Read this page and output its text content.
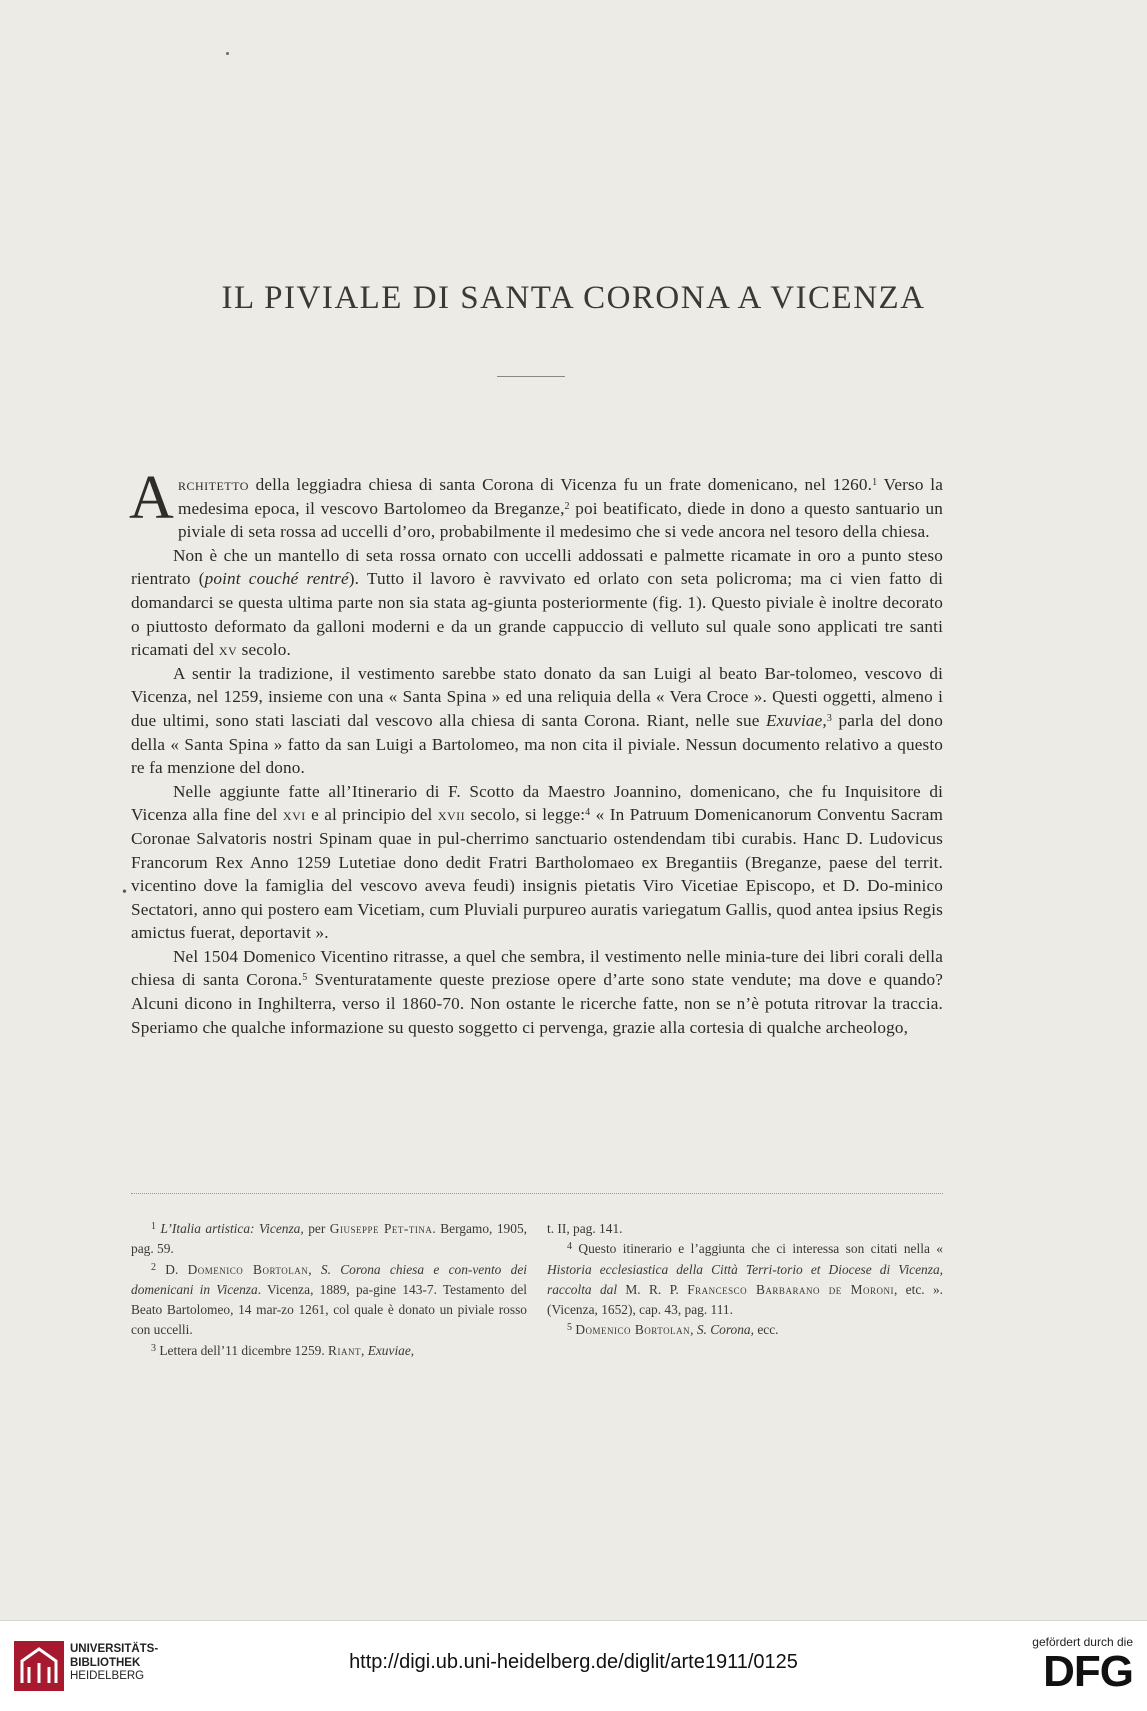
IL PIVIALE DI SANTA CORONA A VICENZA

Architetto della leggiadra chiesa di santa Corona di Vicenza fu un frate domenicano, nel 1260.$^1$ Verso la medesima epoca, il vescovo Bartolomeo da Breganze,$^2$ poi beatificato, diede in dono a questo santuario un piviale di seta rossa ad uccelli d’oro, probabilmente il medesimo che si vede ancora nel tesoro della chiesa.

Non è che un mantello di seta rossa ornato con uccelli addossati e palmette ricamate in oro a punto steso rientrato (point couché rentré). Tutto il lavoro è ravvivato ed orlato con seta policroma; ma ci vien fatto di domandarci se questa ultima parte non sia stata ag-giunta posteriormente (fig. 1). Questo piviale è inoltre decorato o piuttosto deformato da galloni moderni e da un grande cappuccio di velluto sul quale sono applicati tre santi ricamati del xv secolo.

A sentir la tradizione, il vestimento sarebbe stato donato da san Luigi al beato Bar-tolomeo, vescovo di Vicenza, nel 1259, insieme con una « Santa Spina » ed una reliquia della « Vera Croce ». Questi oggetti, almeno i due ultimi, sono stati lasciati dal vescovo alla chiesa di santa Corona. Riant, nelle sue Exuviae,$^3$ parla del dono della « Santa Spina » fatto da san Luigi a Bartolomeo, ma non cita il piviale. Nessun documento relativo a questo re fa menzione del dono.

Nelle aggiunte fatte all’Itinerario di F. Scotto da Maestro Joannino, domenicano, che fu Inquisitore di Vicenza alla fine del xvi e al principio del xvii secolo, si legge:$^4$ « In Patruum Domenicanorum Conventu Sacram Coronae Salvatoris nostri Spinam quae in pul-cherrimo sanctuario ostendendam tibi curabis. Hanc D. Ludovicus Francorum Rex Anno 1259 Lutetiae dono dedit Fratri Bartholomaeo ex Bregantiis (Breganze, paese del territ. vicentino dove la famiglia del vescovo aveva feudi) insignis pietatis Viro Vicetiae Episcopo, et D. Do-minico Sectatori, anno qui postero eam Vicetiam, cum Pluviali purpureo auratis variegatum Gallis, quod antea ipsius Regis amictus fuerat, deportavit ».

Nel 1504 Domenico Vicentino ritrasse, a quel che sembra, il vestimento nelle minia-ture dei libri corali della chiesa di santa Corona.$^5$ Sventuratamente queste preziose opere d’arte sono state vendute; ma dove e quando? Alcuni dicono in Inghilterra, verso il 1860-70. Non ostante le ricerche fatte, non se n’è potuta ritrovar la traccia. Speriamo che qualche informazione su questo soggetto ci pervenga, grazie alla cortesia di qualche archeologo,

•

$^1$ L’Italia artistica: Vicenza, per Giuseppe Pet-tina. Bergamo, 1905, pag. 59.

$^2$ D. Domenico Bortolan, S. Corona chiesa e con-vento dei domenicani in Vicenza. Vicenza, 1889, pa-gine 143-7. Testamento del Beato Bartolomeo, 14 mar-zo 1261, col quale è donato un piviale rosso con uccelli.

$^3$ Lettera dell’11 dicembre 1259. Riant, Exuviae,

t. II, pag. 141.

$^4$ Questo itinerario e l’aggiunta che ci interessa son citati nella « Historia ecclesiastica della Città Terri-torio et Diocese di Vicenza, raccolta dal M. R. P. Francesco Barbarano de Moroni, etc. ». (Vicenza, 1652), cap. 43, pag. 111.

$^5$ Domenico Bortolan, S. Corona, ecc.

UNIVERSITÄTS-
BIBLIOTHEK
HEIDELBERG
http://digi.ub.uni-heidelberg.de/diglit/arte1911/0125
gefördert durch die
DFG
